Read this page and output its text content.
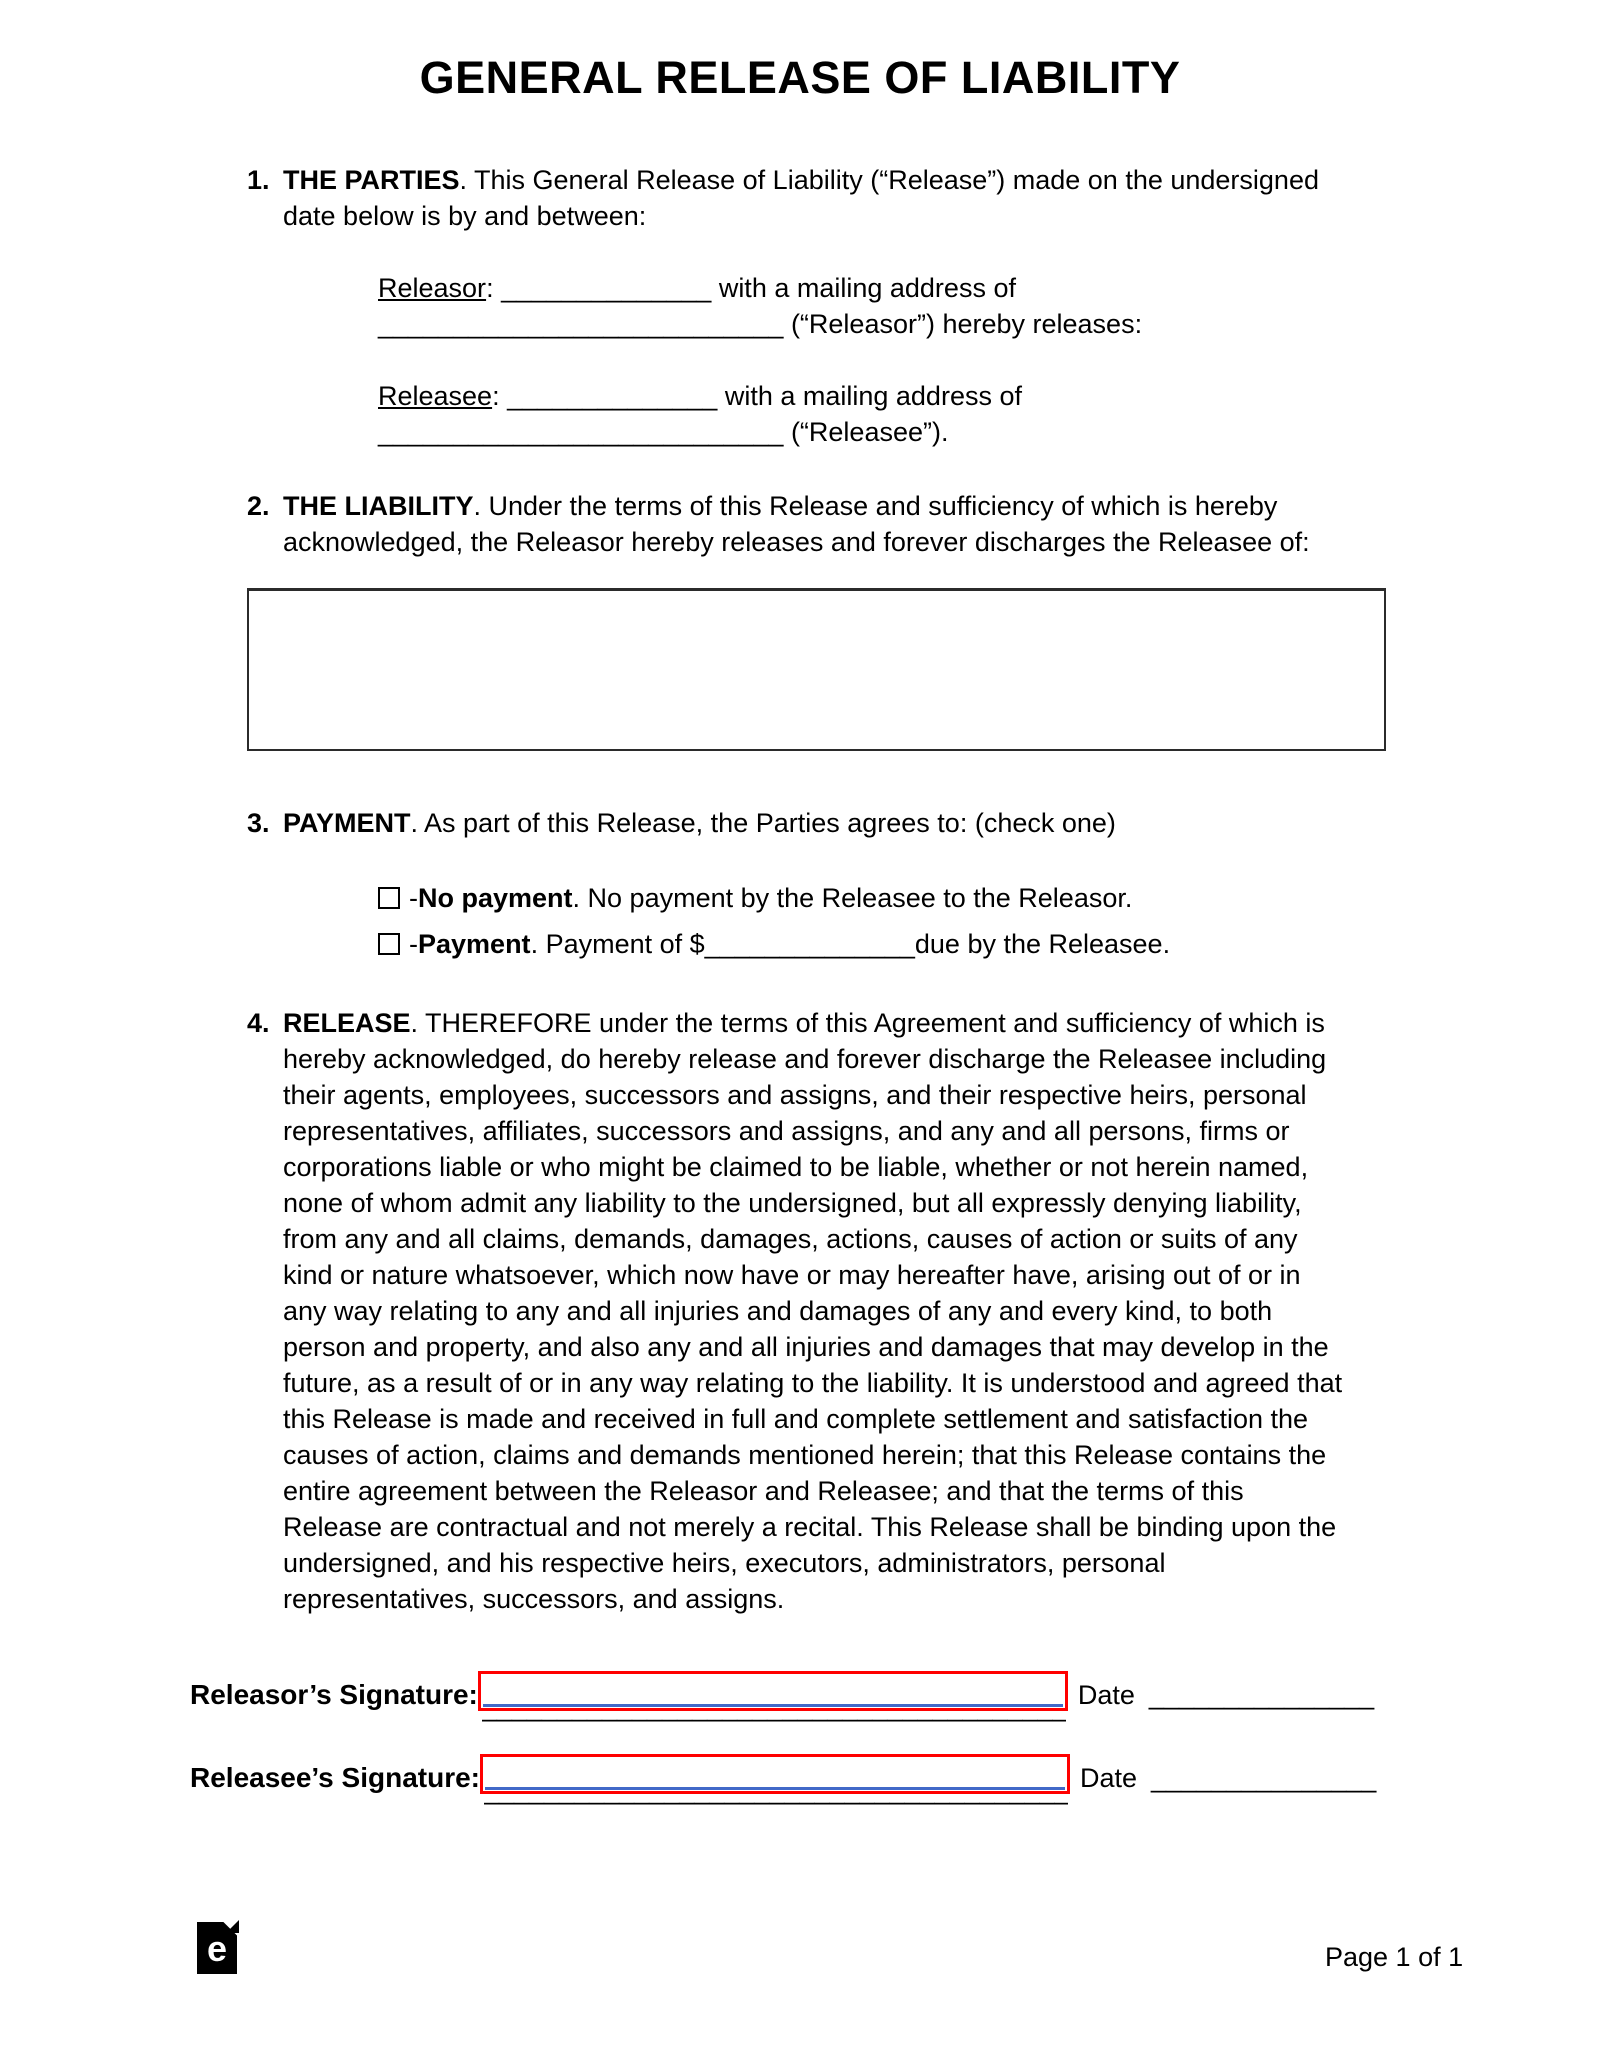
GENERAL RELEASE OF LIABILITY
1. THE PARTIES. This General Release of Liability (“Release”) made on the undersigned date below is by and between:
Releasor: ______________ with a mailing address of
___________________________ (“Releasor”) hereby releases:
Releasee: ______________ with a mailing address of
___________________________ (“Releasee”).
2. THE LIABILITY. Under the terms of this Release and sufficiency of which is hereby acknowledged, the Releasor hereby releases and forever discharges the Releasee of:
3. PAYMENT. As part of this Release, the Parties agrees to: (check one)
- No payment . No payment by the Releasee to the Releasor.
- Payment . Payment of $ ______________ due by the Releasee.
4. RELEASE. THEREFORE under the terms of this Agreement and sufficiency of which is hereby acknowledged, do hereby release and forever discharge the Releasee including their agents, employees, successors and assigns, and their respective heirs, personal representatives, affiliates, successors and assigns, and any and all persons, firms or corporations liable or who might be claimed to be liable, whether or not herein named, none of whom admit any liability to the undersigned, but all expressly denying liability, from any and all claims, demands, damages, actions, causes of action or suits of any kind or nature whatsoever, which now have or may hereafter have, arising out of or in any way relating to any and all injuries and damages of any and every kind, to both person and property, and also any and all injuries and damages that may develop in the future, as a result of or in any way relating to the liability. It is understood and agreed that this Release is made and received in full and complete settlement and satisfaction the causes of action, claims and demands mentioned herein; that this Release contains the entire agreement between the Releasor and Releasee; and that the terms of this Release are contractual and not merely a recital. This Release shall be binding upon the undersigned, and his respective heirs, executors, administrators, personal representatives, successors, and assigns.
Releasor’s Signature:	Date _______________
Releasee’s Signature:	Date _______________
e	Page 1 of 1
